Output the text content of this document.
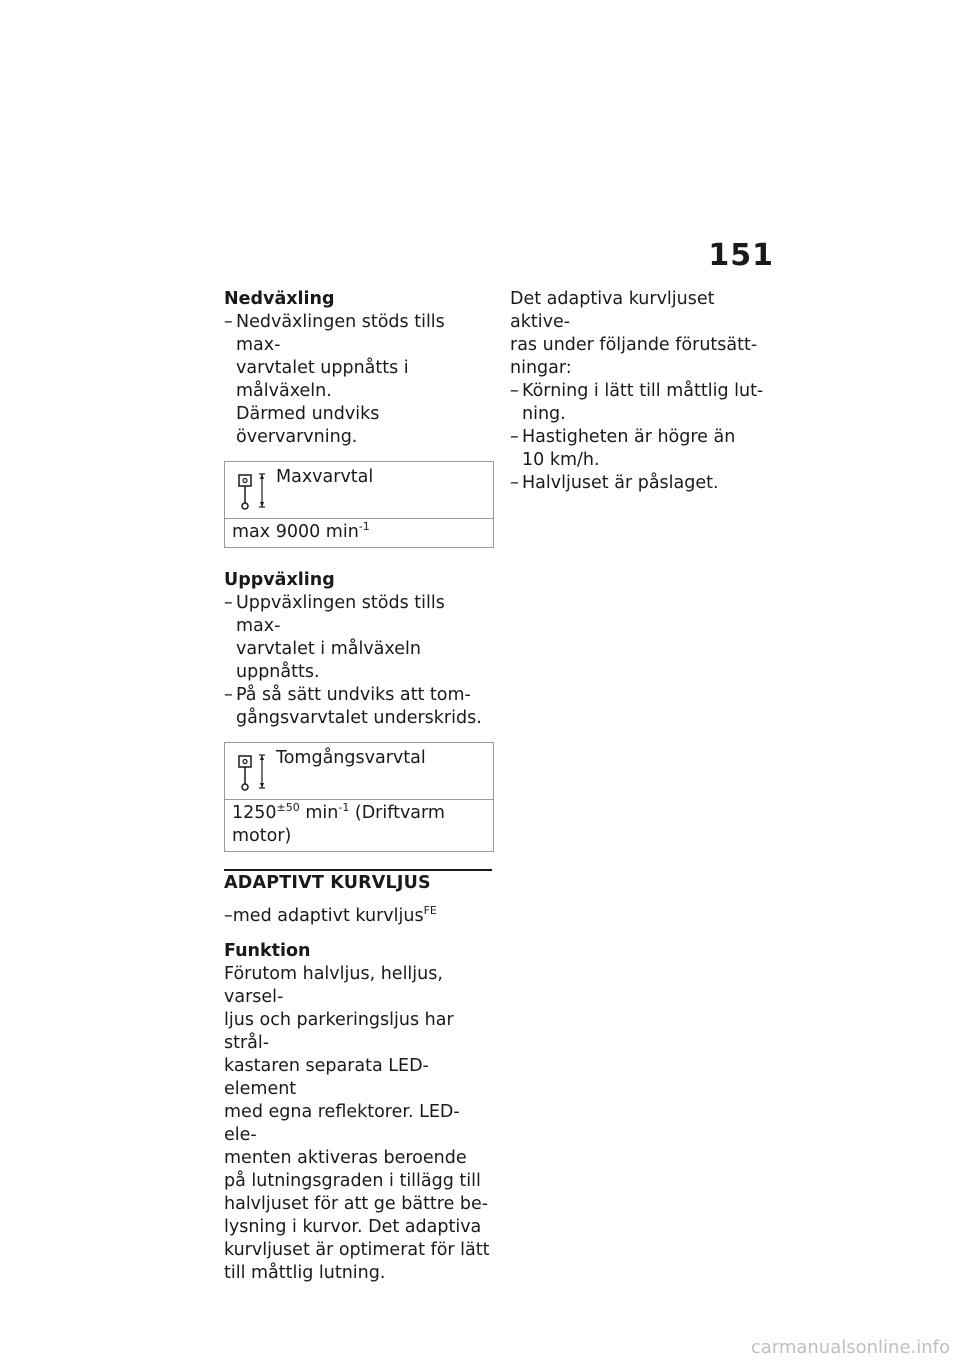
151

Nedväxling

– Nedväxlingen stöds tills max-
varvtalet uppnåtts i målväxeln.
Därmed undviks övervarvning.
Maxvarvtal
max 9000 $\min^{-1}$

Uppväxling

– Uppväxlingen stöds tills max-
varvtalet i målväxeln uppnåtts.
– På så sätt undviks att tom-
gångsvarvtalet underskrids.
Tomgångsvarvtal
$1250^{\pm 50}$ $\min^{-1}$ (Driftvarm
motor)

ADAPTIVT KURVLJUS

–med adaptivt kurvljus$^{FE}$

Funktion

Förutom halvljus, helljus, varsel-
ljus och parkeringsljus har strål-
kastaren separata LED-element
med egna reflektorer. LED-ele-
menten aktiveras beroende
på lutningsgraden i tillägg till
halvljuset för att ge bättre be-
lysning i kurvor. Det adaptiva
kurvljuset är optimerat för lätt
till måttlig lutning.

Det adaptiva kurvljuset aktive-
ras under följande förutsätt-
ningar:

– Körning i lätt till måttlig lut-
ning.
– Hastigheten är högre än
10 km/h.
– Halvljuset är påslaget.
carmanualsonline.info
